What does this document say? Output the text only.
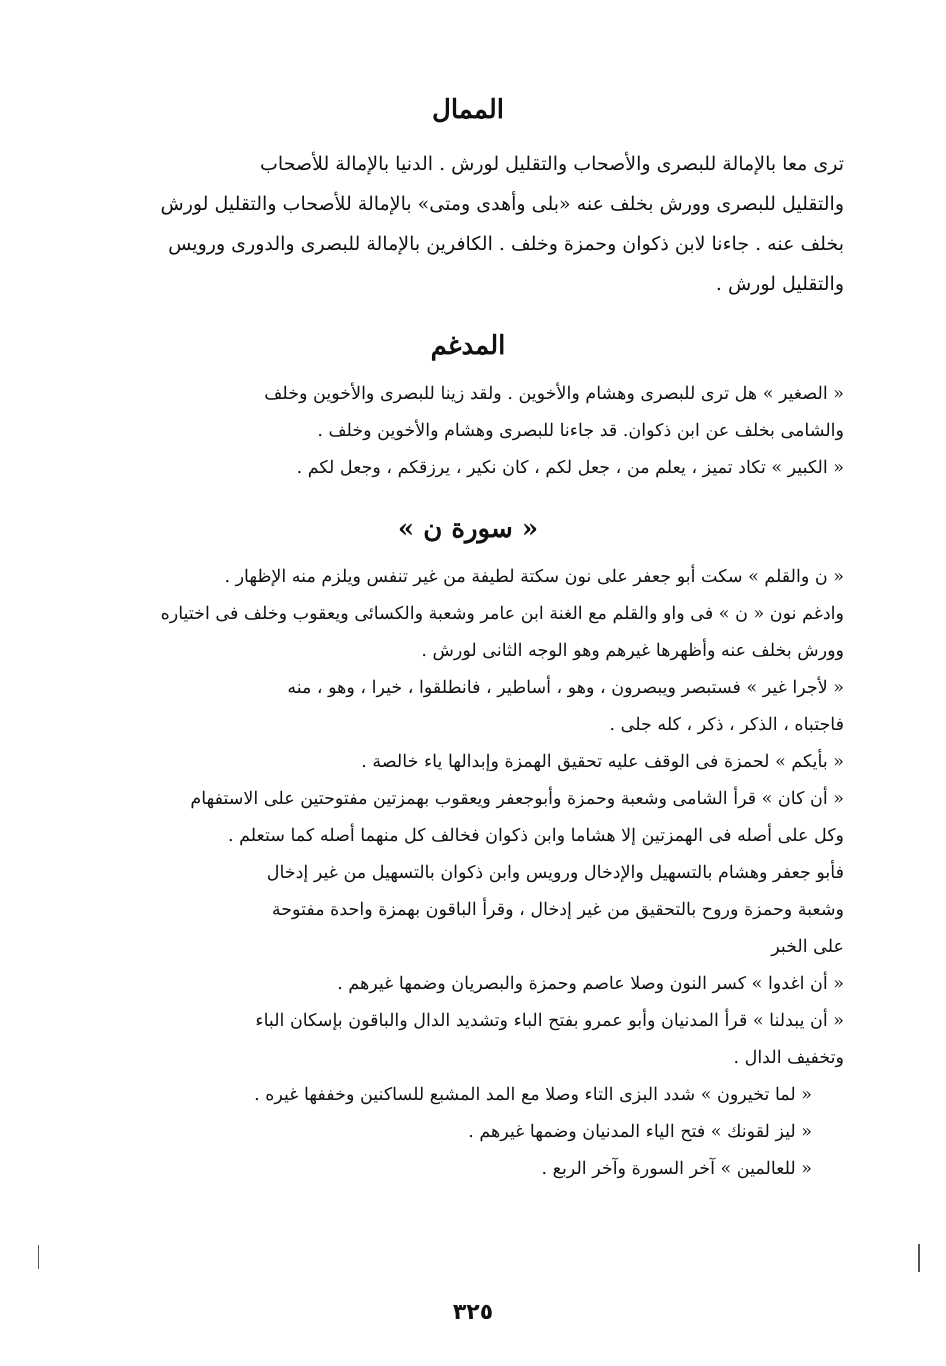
الممال

ترى معا بالإمالة للبصرى والأصحاب والتقليل لورش . الدنيا بالإمالة للأصحاب

والتقليل للبصرى وورش بخلف عنه «بلى وأهدى ومتى» بالإمالة للأصحاب والتقليل لورش

بخلف عنه . جاءنا لابن ذكوان وحمزة وخلف . الكافرين بالإمالة للبصرى والدورى ورويس

والتقليل لورش .

المدغم

« الصغير » هل ترى للبصرى وهشام والأخوين . ولقد زينا للبصرى والأخوين وخلف

والشامى بخلف عن ابن ذكوان. قد جاءنا للبصرى وهشام والأخوين وخلف .

« الكبير » تكاد تميز ، يعلم من ، جعل لكم ، كان نكير ، يرزقكم ، وجعل لكم .

« سورة ن »

« ن والقلم » سكت أبو جعفر على نون سكتة لطيفة من غير تنفس ويلزم منه الإظهار .

وادغم نون « ن » فى واو والقلم مع الغنة ابن عامر وشعبة والكسائى ويعقوب وخلف فى اختياره

وورش بخلف عنه وأظهرها غيرهم وهو الوجه الثانى لورش .

« لأجرا غير » فستبصر ويبصرون ، وهو ، أساطير ، فانطلقوا ، خيرا ، وهو ، منه

فاجتباه ، الذكر ، ذكر ، كله جلى .

« بأيكم » لحمزة فى الوقف عليه تحقيق الهمزة وإبدالها ياء خالصة .

« أن كان » قرأ الشامى وشعبة وحمزة وأبوجعفر ويعقوب بهمزتين مفتوحتين على الاستفهام

وكل على أصله فى الهمزتين إلا هشاما وابن ذكوان فخالف كل منهما أصله كما ستعلم .

فأبو جعفر وهشام بالتسهيل والإدخال ورويس وابن ذكوان بالتسهيل من غير إدخال

وشعبة وحمزة وروح بالتحقيق من غير إدخال ، وقرأ الباقون بهمزة واحدة مفتوحة

على الخبر

« أن اغدوا » كسر النون وصلا عاصم وحمزة والبصريان وضمها غيرهم .

« أن يبدلنا » قرأ المدنيان وأبو عمرو بفتح الباء وتشديد الدال والباقون بإسكان الباء

وتخفيف الدال .

« لما تخيرون » شدد البزى التاء وصلا مع المد المشبع للساكنين وخففها غيره .

« ليز لقونك » فتح الياء المدنيان وضمها غيرهم .

« للعالمين » آخر السورة وآخر الربع .

٣٢٥
